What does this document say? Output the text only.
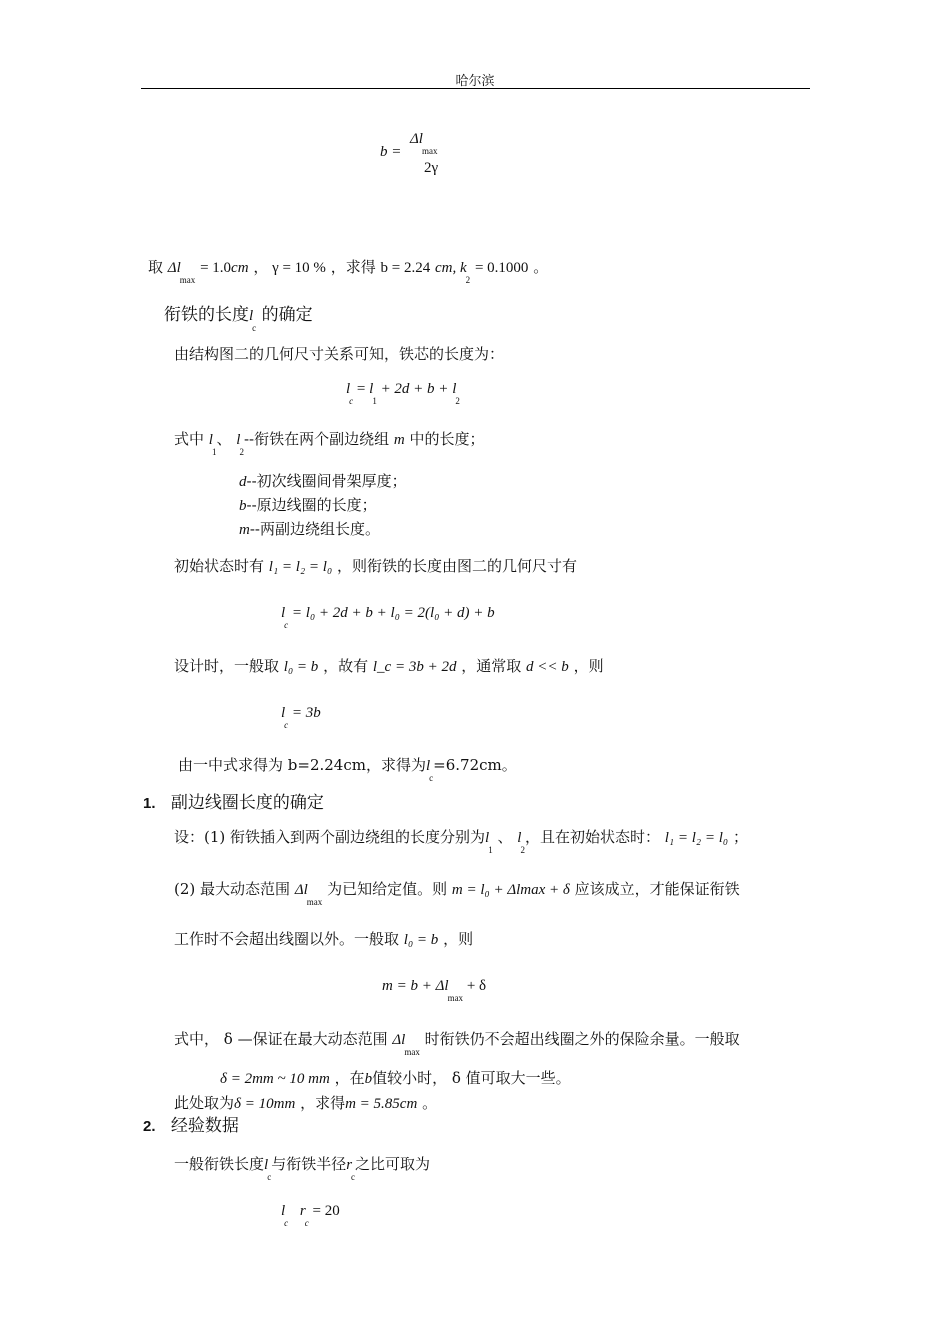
哈尔滨
b =
$\Delta l_{max}$
2γ
取 $\Delta l_{max} = 1.0cm$ ， γ = 10 % ，求得 b = 2.24 cm, $k_2 = 0.1000$ 。
衔铁的长度$l_c$ 的确定
由结构图二的几何尺寸关系可知，铁芯的长度为：
$l_c = l_1 + 2d + b + l_2$
式中 $l_1$、 $l_2--$衔铁在两个副边绕组 m 中的长度；
d--初次线圈间骨架厚度；
b--原边线圈的长度；
m--两副边绕组长度。
初始状态时有 l₁ = l₂ = l₀ ，则衔铁的长度由图二的几何尺寸有
$l_c = l_0 + 2d + b + l_0 = 2(l_0 + d) + b$
设计时，一般取 l₀ = b ，故有 l_c = 3b + 2d ，通常取 d << b ，则
$l_c = 3b$
由一中式求得为 b=2.24cm，求得为$l_c=6.72cm$。
1. 副边线圈长度的确定
设：(1) 衔铁插入到两个副边绕组的长度分别为$l_1$ 、 $l_2$，且在初始状态时： l₁ = l₂ = l₀ ；
(2) 最大动态范围 $\Delta l_{max}$ 为已知给定值。则 m = l₀ + Δlmax + δ 应该成立，才能保证衔铁
工作时不会超出线圈以外。一般取 l₀ = b ，则
$m = b + \Delta l_{max} + \delta$
式中， δ —保证在最大动态范围 $\Delta l_{max}$ 时衔铁仍不会超出线圈之外的保险余量。一般取
δ = 2mm ~ 10 mm ，在b值较小时， δ 值可取大一些。
此处取为δ = 10mm ，求得m = 5.85cm 。
2. 经验数据
一般衔铁长度$l_c$与衔铁半径$r_c$之比可取为
$l_c$ $r_c = 20$
